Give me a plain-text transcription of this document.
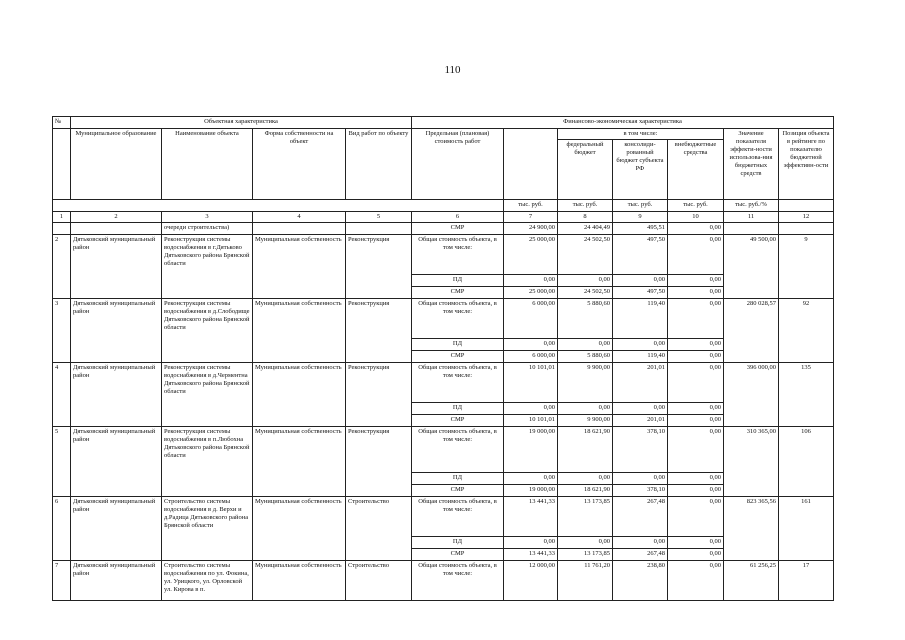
110
№	Объектная характеристика				Финансово-экономическая характеристика						
	Муниципальное образование	Наименование объекта	Форма собственности на объект	Вид работ по объекту	Предельная (плановая) стоимость работ		в том числе:			Значение показателя эффекти-ности использова-ния бюджетных средств	Позиция объекта в рейтинге по показателю бюджетной эффективн-ости
							федеральный бюджет	консолиди-рованный бюджет субъекта РФ	внебюджетные средства		
						тыс. руб.	тыс. руб.	тыс. руб.	тыс. руб.	тыс. руб./%	
1	2	3	4	5	6	7	8	9	10	11	12

		очереди строительства)			СМР	24 900,00	24 404,49	495,51	0,00		
2	Дятьковский муниципальный район	Реконструкция системы водоснабжения в г.Дятьково Дятьковского района Брянской области	Муниципальная собственность	Реконструкция	Общая стоимость объекта, в том числе:	25 000,00	24 502,50	497,50	0,00	49 500,00	9
					ПД	0,00	0,00	0,00	0,00		
					СМР	25 000,00	24 502,50	497,50	0,00		
3	Дятьковский муниципальный район	Реконструкция системы водоснабжения в д.Слободище Дятьковского района Брянской области	Муниципальная собственность	Реконструкция	Общая стоимость объекта, в том числе:	6 000,00	5 880,60	119,40	0,00	280 028,57	92
					ПД	0,00	0,00	0,00	0,00		
					СМР	6 000,00	5 880,60	119,40	0,00		
4	Дятьковский муниципальный район	Реконструкция системы водоснабжения в д.Черментна Дятьковского района Брянской области	Муниципальная собственность	Реконструкция	Общая стоимость объекта, в том числе:	10 101,01	9 900,00	201,01	0,00	396 000,00	135
					ПД	0,00	0,00	0,00	0,00		
					СМР	10 101,01	9 900,00	201,01	0,00		
5	Дятьковский муниципальный район	Реконструкция системы водоснабжения в п.Любохна Дятьковского района Брянской области	Муниципальная собственность	Реконструкция	Общая стоимость объекта, в том числе:	19 000,00	18 621,90	378,10	0,00	310 365,00	106
					ПД	0,00	0,00	0,00	0,00		
					СМР	19 000,00	18 621,90	378,10	0,00		
6	Дятьковский муниципальный район	Строительство системы водоснабжения в д. Верхи и д.Радица Дятьковского района Брянской области	Муниципальная собственность	Строительство	Общая стоимость объекта, в том числе:	13 441,33	13 173,85	267,48	0,00	823 365,56	161
					ПД	0,00	0,00	0,00	0,00		
					СМР	13 441,33	13 173,85	267,48	0,00		
7	Дятьковский муниципальный район	Строительство системы водоснабжения по ул. Фокина, ул. Урицкого, ул. Орловской ул. Кирова в п.	Муниципальная собственность	Строительство	Общая стоимость объекта, в том числе:	12 000,00	11 761,20	238,80	0,00	61 256,25	17
